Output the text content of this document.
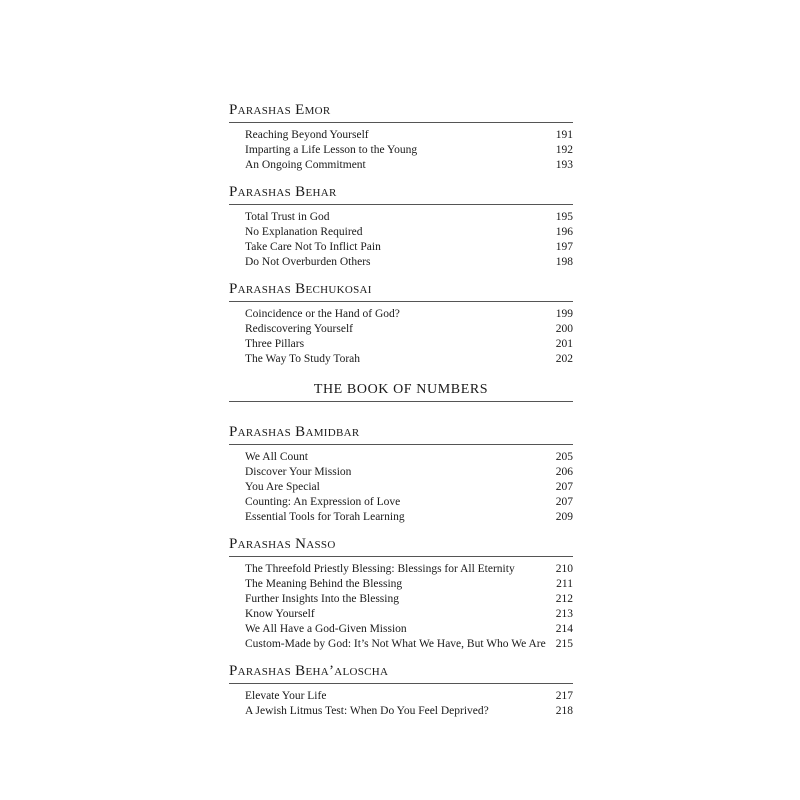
Parashas Emor
Reaching Beyond Yourself	191
Imparting a Life Lesson to the Young	192
An Ongoing Commitment	193
Parashas Behar
Total Trust in God	195
No Explanation Required	196
Take Care Not To Inflict Pain	197
Do Not Overburden Others	198
Parashas Bechukosai
Coincidence or the Hand of God?	199
Rediscovering Yourself	200
Three Pillars	201
The Way To Study Torah	202
THE BOOK OF NUMBERS
Parashas Bamidbar
We All Count	205
Discover Your Mission	206
You Are Special	207
Counting: An Expression of Love	207
Essential Tools for Torah Learning	209
Parashas Nasso
The Threefold Priestly Blessing: Blessings for All Eternity	210
The Meaning Behind the Blessing	211
Further Insights Into the Blessing	212
Know Yourself	213
We All Have a God-Given Mission	214
Custom-Made by God: It’s Not What We Have, But Who We Are 215
Parashas Beha’aloscha
Elevate Your Life	217
A Jewish Litmus Test: When Do You Feel Deprived?	218
